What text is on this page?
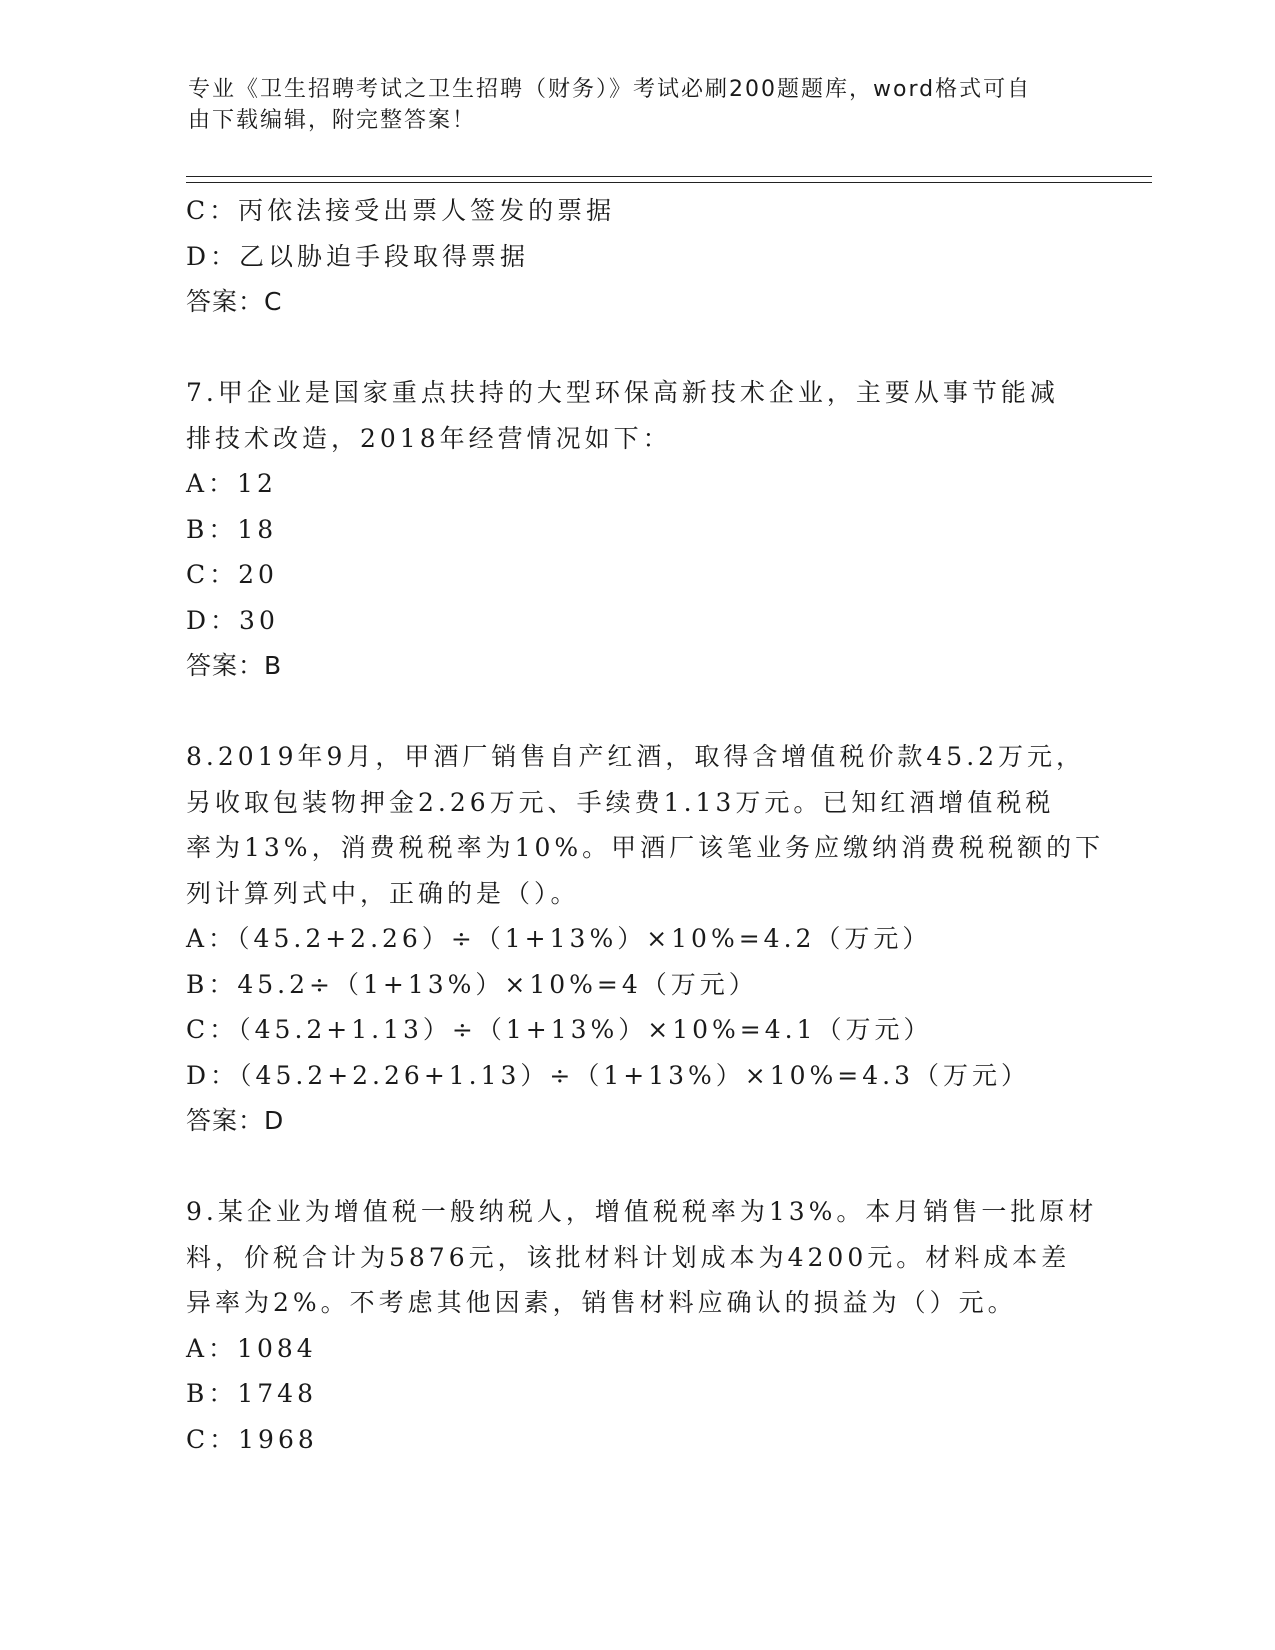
专业《卫生招聘考试之卫生招聘（财务）》考试必刷200题题库，word格式可自
由下载编辑，附完整答案！
C：丙依法接受出票人签发的票据
D：乙以胁迫手段取得票据
答案：C
7.甲企业是国家重点扶持的大型环保高新技术企业，主要从事节能减
排技术改造，2018年经营情况如下：
A：12
B：18
C：20
D：30
答案：B
8.2019年9月，甲酒厂销售自产红酒，取得含增值税价款45.2万元，
另收取包装物押金2.26万元、手续费1.13万元。已知红酒增值税税
率为13%，消费税税率为10%。甲酒厂该笔业务应缴纳消费税税额的下
列计算列式中，正确的是（）。
A：（45.2+2.26）÷（1+13%）×10%=4.2（万元）
B：45.2÷（1+13%）×10%=4（万元）
C：（45.2+1.13）÷（1+13%）×10%=4.1（万元）
D：（45.2+2.26+1.13）÷（1+13%）×10%=4.3（万元）
答案：D
9.某企业为增值税一般纳税人，增值税税率为13%。本月销售一批原材
料，价税合计为5876元，该批材料计划成本为4200元。材料成本差
异率为2%。不考虑其他因素，销售材料应确认的损益为（）元。
A：1084
B：1748
C：1968
